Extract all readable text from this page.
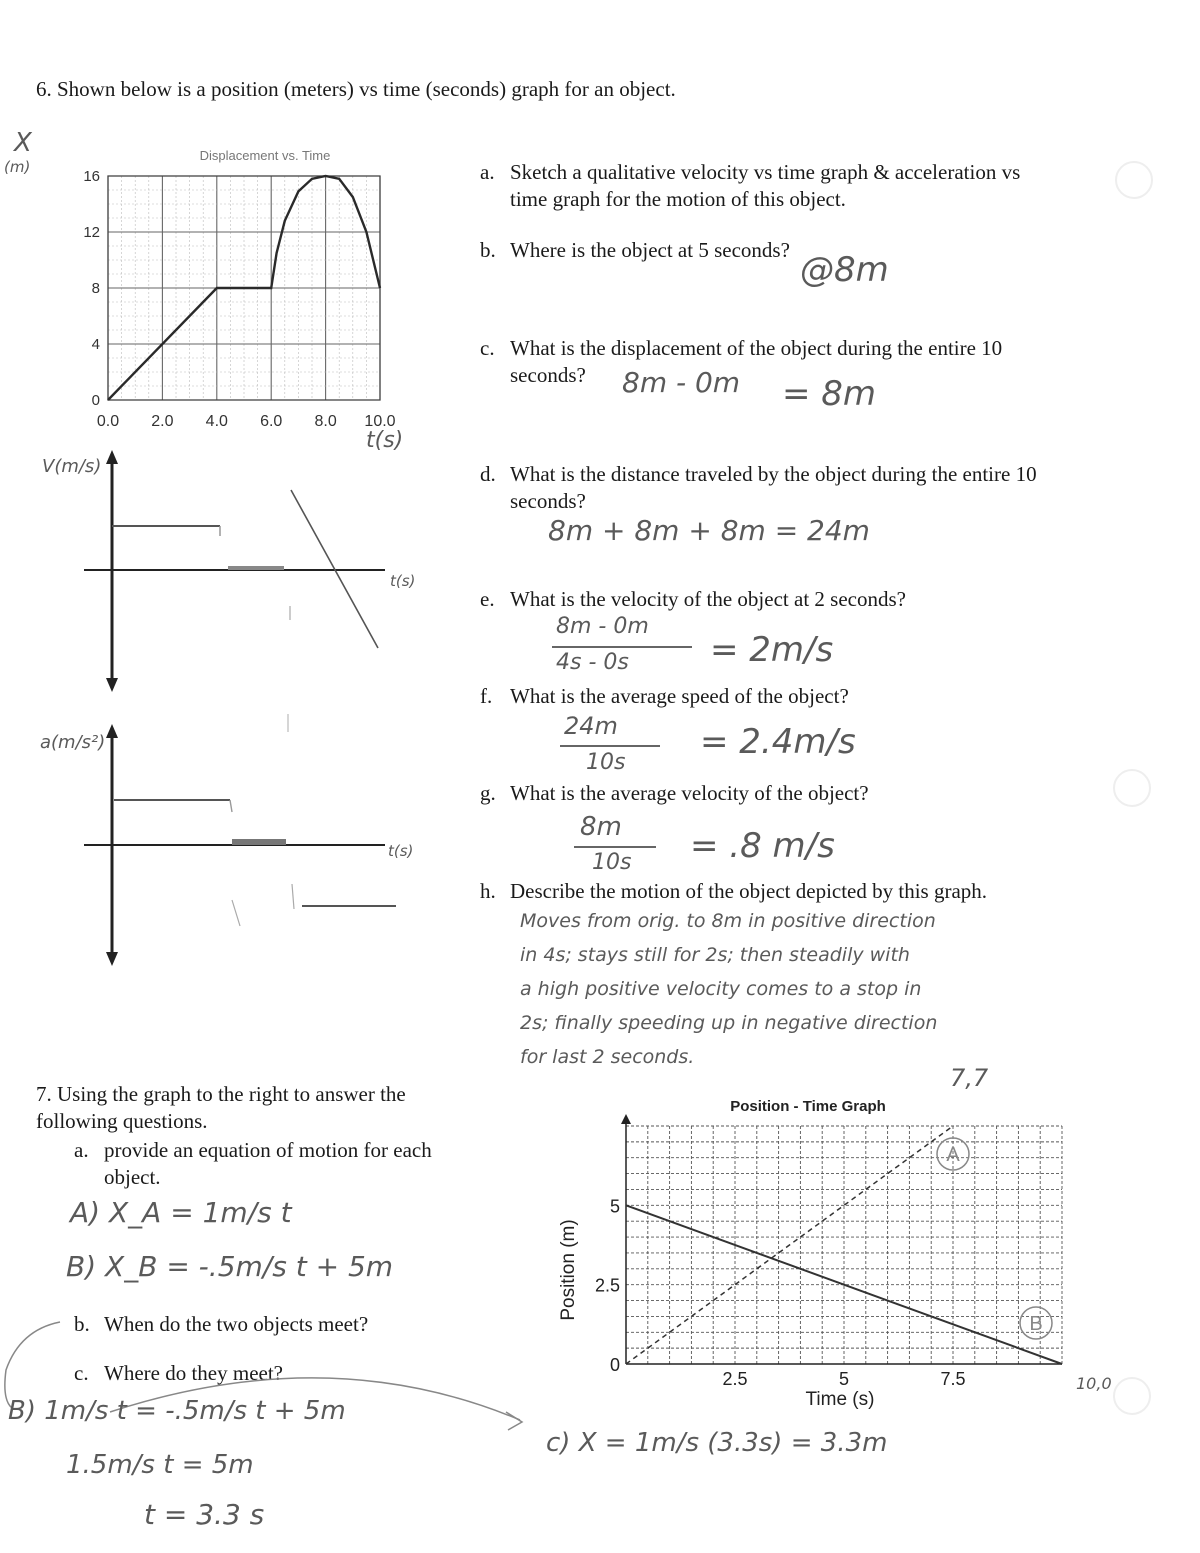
6. Shown below is a position (meters) vs time (seconds) graph for an object.
X
(m)
Displacement vs. Time
0.0 2.0 4.0 6.0 8.0 10.0
0
4
8
12
16
t(s)
V(m/s)
t(s)
a(m/s²)
t(s)
a. Sketch a qualitative velocity vs time graph & acceleration vs
time graph for the motion of this object.
b. Where is the object at 5 seconds? @8m
c. What is the displacement of the object during the entire 10
seconds?	8m - 0m = 8m
d. What is the distance traveled by the object during the entire 10
seconds?
8m + 8m + 8m = 24m
e. What is the velocity of the object at 2 seconds?
8m - 0m
4s - 0s = 2m/s
f. What is the average speed of the object?
24m
10s
= 2.4m/s
g. What is the average velocity of the object?
8m
10s = .8 m/s
h. Describe the motion of the object depicted by this graph.
Moves from orig. to 8m in positive direction
in 4s; stays still for 2s; then steadily with
a high positive velocity comes to a stop in
2s; finally speeding up in negative direction
for last 2 seconds.
7. Using the graph to the right to answer the
following questions.
a. provide an equation of motion for each
object.
A) X_A = 1m/s t
B) X_B = -.5m/s t + 5m
b. When do the two objects meet?
c. Where do they meet?
B) 1m/s t = -.5m/s t + 5m
1.5m/s t = 5m
t = 3.3 s
c) X = 1m/s (3.3s) = 3.3m
Position - Time Graph
Position (m)
Time (s)
2.5	5	7.5
0
2.5
5
A
B
7,7
10,0
